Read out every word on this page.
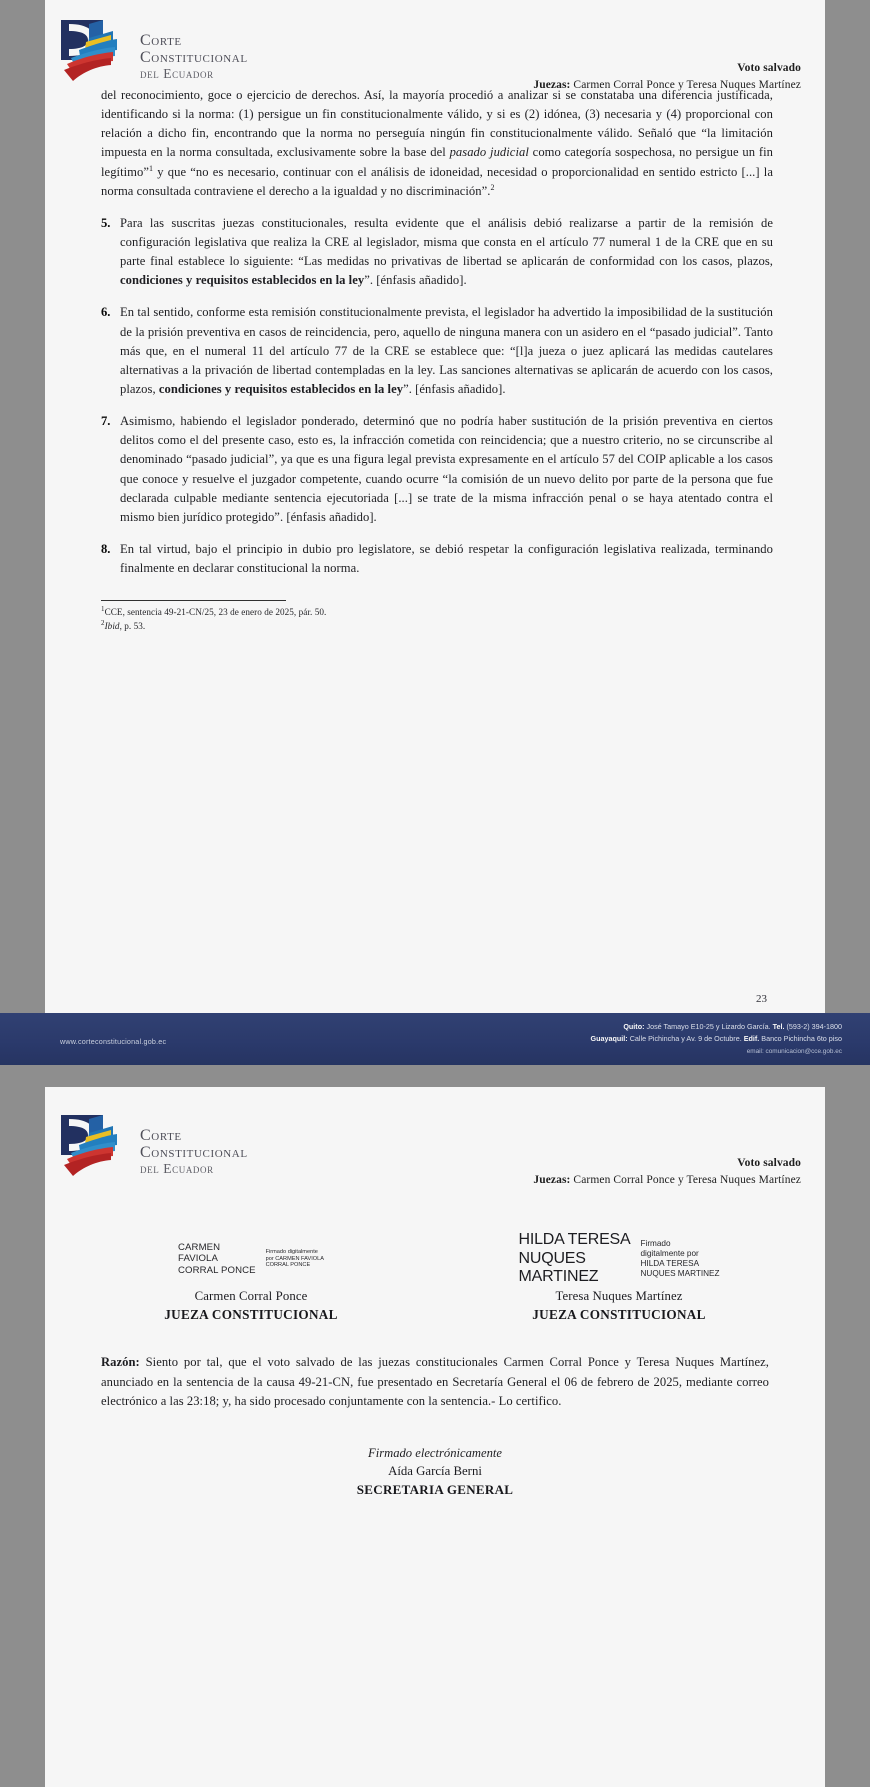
Corte
Constitucional
del Ecuador	Voto salvado
Juezas: Carmen Corral Ponce y Teresa Nuques Martínez

del reconocimiento, goce o ejercicio de derechos. Así, la mayoría procedió a analizar si se constataba una diferencia justificada, identificando si la norma: (1) persigue un fin constitucionalmente válido, y si es (2) idónea, (3) necesaria y (4) proporcional con relación a dicho fin, encontrando que la norma no perseguía ningún fin constitucionalmente válido. Señaló que “la limitación impuesta en la norma consultada, exclusivamente sobre la base del pasado judicial como categoría sospechosa, no persigue un fin legítimo”$^1$ y que “no es necesario, continuar con el análisis de idoneidad, necesidad o proporcionalidad en sentido estricto [...] la norma consultada contraviene el derecho a la igualdad y no discriminación”.$^2$

5. Para las suscritas juezas constitucionales, resulta evidente que el análisis debió realizarse a partir de la remisión de configuración legislativa que realiza la CRE al legislador, misma que consta en el artículo 77 numeral 1 de la CRE que en su parte final establece lo siguiente: “Las medidas no privativas de libertad se aplicarán de conformidad con los casos, plazos, condiciones y requisitos establecidos en la ley”. [énfasis añadido].
6. En tal sentido, conforme esta remisión constitucionalmente prevista, el legislador ha advertido la imposibilidad de la sustitución de la prisión preventiva en casos de reincidencia, pero, aquello de ninguna manera con un asidero en el “pasado judicial”. Tanto más que, en el numeral 11 del artículo 77 de la CRE se establece que: “[l]a jueza o juez aplicará las medidas cautelares alternativas a la privación de libertad contempladas en la ley. Las sanciones alternativas se aplicarán de acuerdo con los casos, plazos, condiciones y requisitos establecidos en la ley”. [énfasis añadido].
7. Asimismo, habiendo el legislador ponderado, determinó que no podría haber sustitución de la prisión preventiva en ciertos delitos como el del presente caso, esto es, la infracción cometida con reincidencia; que a nuestro criterio, no se circunscribe al denominado “pasado judicial”, ya que es una figura legal prevista expresamente en el artículo 57 del COIP aplicable a los casos que conoce y resuelve el juzgador competente, cuando ocurre “la comisión de un nuevo delito por parte de la persona que fue declarada culpable mediante sentencia ejecutoriada [...] se trate de la misma infracción penal o se haya atentado contra el mismo bien jurídico protegido”. [énfasis añadido].
8. En tal virtud, bajo el principio in dubio pro legislatore, se debió respetar la configuración legislativa realizada, terminando finalmente en declarar constitucional la norma.

$^1$CCE, sentencia 49-21-CN/25, 23 de enero de 2025, pár. 50.

$^2$Ibid, p. 53.

23
www.corteconstitucional.gob.ec
Quito: José Tamayo E10-25 y Lizardo García. Tel. (593-2) 394-1800
Guayaquil: Calle Pichincha y Av. 9 de Octubre. Edif. Banco Pichincha 6to piso
email: comunicacion@cce.gob.ec
Corte
Constitucional
del Ecuador	Voto salvado
Juezas: Carmen Corral Ponce y Teresa Nuques Martínez
CARMEN
FAVIOLA
CORRAL PONCE
Firmado digitalmente
por CARMEN FAVIOLA
CORRAL PONCE
Carmen Corral Ponce
JUEZA CONSTITUCIONAL
HILDA TERESA
NUQUES
MARTINEZ
Firmado
digitalmente por
HILDA TERESA
NUQUES MARTINEZ
Teresa Nuques Martínez
JUEZA CONSTITUCIONAL

Razón: Siento por tal, que el voto salvado de las juezas constitucionales Carmen Corral Ponce y Teresa Nuques Martínez, anunciado en la sentencia de la causa 49-21-CN, fue presentado en Secretaría General el 06 de febrero de 2025, mediante correo electrónico a las 23:18; y, ha sido procesado conjuntamente con la sentencia.- Lo certifico.

Firmado electrónicamente
Aída García Berni
SECRETARIA GENERAL
